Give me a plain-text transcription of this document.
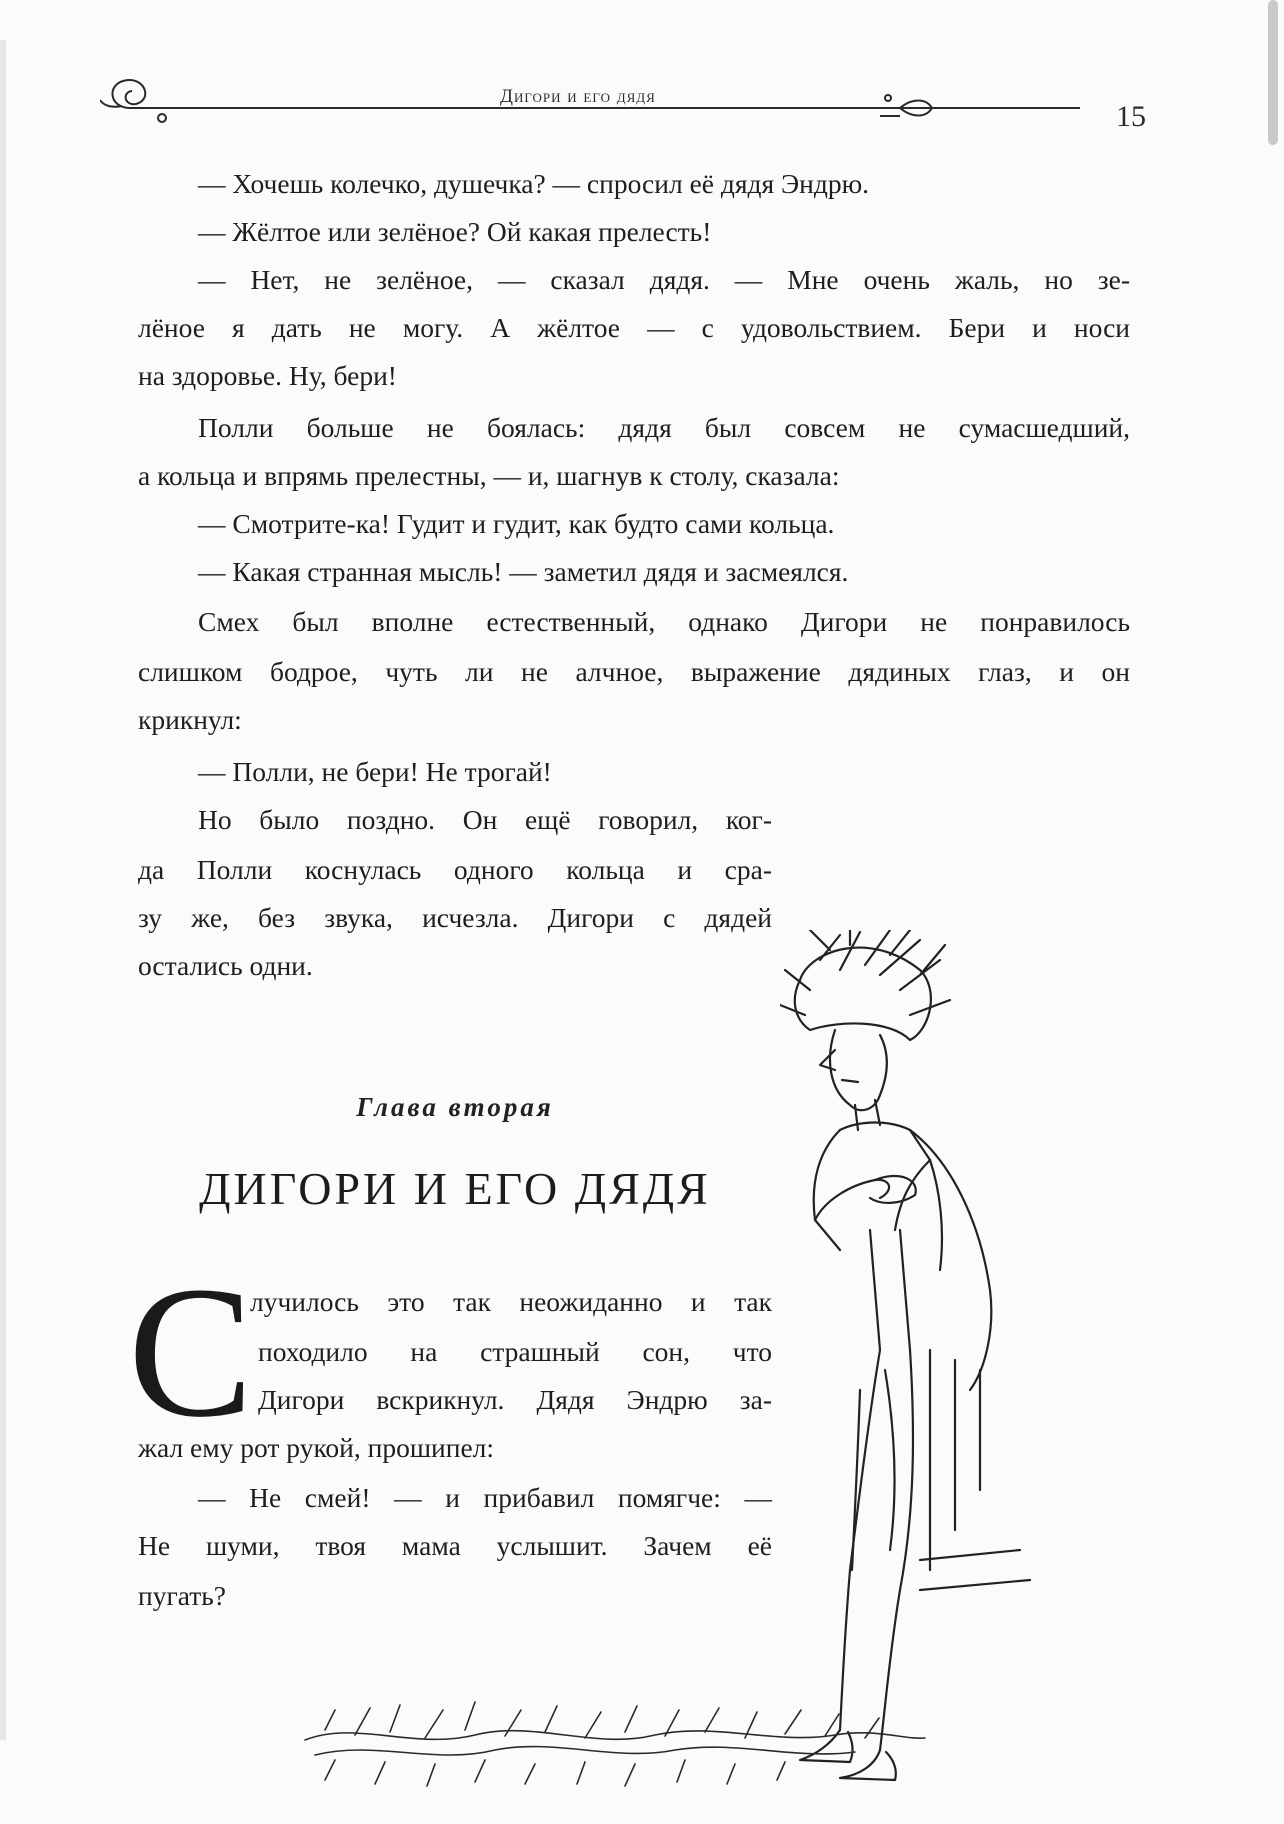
Дигори и его дядя
15

— Хочешь колечко, душечка? — спросил её дядя Эндрю.

— Жёлтое или зелёное? Ой какая прелесть!

— Нет, не зелёное, — сказал дядя. — Мне очень жаль, но зе-

лёное я дать не могу. А жёлтое — с удовольствием. Бери и носи

на здоровье. Ну, бери!

Полли больше не боялась: дядя был совсем не сумасшедший,

а кольца и впрямь прелестны, — и, шагнув к столу, сказала:

— Смотрите-ка! Гудит и гудит, как будто сами кольца.

— Какая странная мысль! — заметил дядя и засмеялся.

Смех был вполне естественный, однако Дигори не понравилось

слишком бодрое, чуть ли не алчное, выражение дядиных глаз, и он

крикнул:

— Полли, не бери! Не трогай!

Но было поздно. Он ещё говорил, ког-

да Полли коснулась одного кольца и сра-

зу же, без звука, исчезла. Дигори с дядей

остались одни.

Глава вторая
ДИГОРИ И ЕГО ДЯДЯ
С

лучилось это так неожиданно и так

походило на страшный сон, что

Дигори вскрикнул. Дядя Эндрю за-

жал ему рот рукой, прошипел:

— Не смей! — и прибавил помягче: —

Не шуми, твоя мама услышит. Зачем её

пугать?
